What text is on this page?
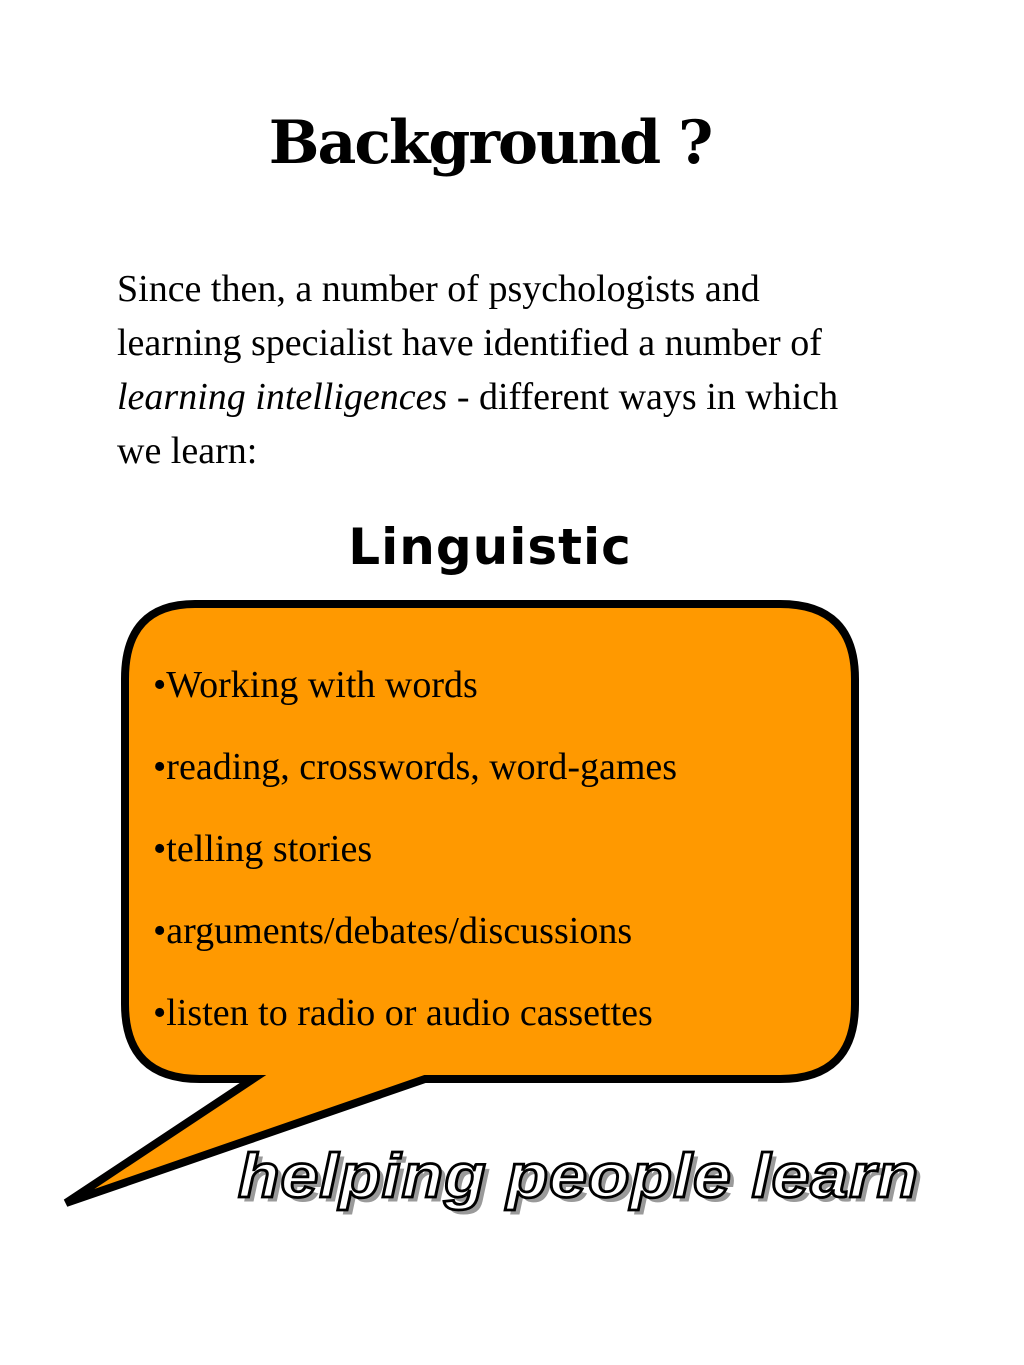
Background ?

Since then, a number of psychologists and learning specialist have identified a number of learning intelligences - different ways in which we learn:

Linguistic
•Working with words
•reading, crosswords, word-games
•telling stories
•arguments/debates/discussions
•listen to radio or audio cassettes
helping people learn
